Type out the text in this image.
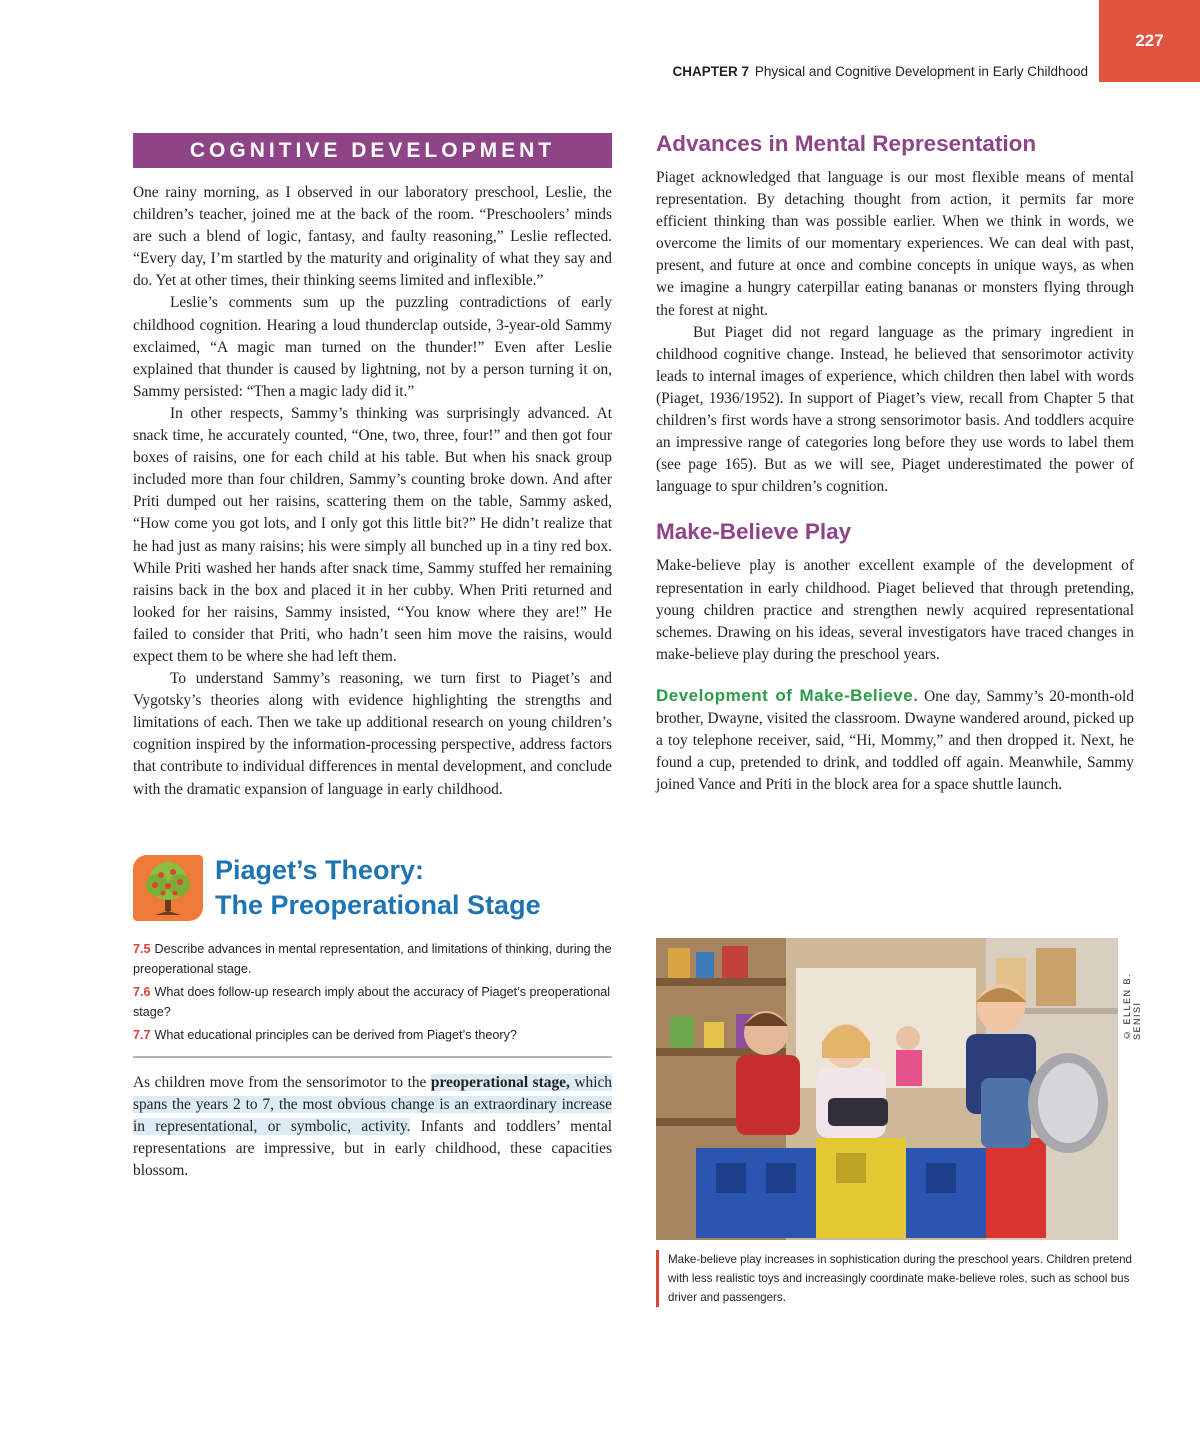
227
CHAPTER 7 Physical and Cognitive Development in Early Childhood
COGNITIVE DEVELOPMENT

One rainy morning, as I observed in our laboratory preschool, Leslie, the children’s teacher, joined me at the back of the room. “Preschoolers’ minds are such a blend of logic, fantasy, and faulty reasoning,” Leslie reflected. “Every day, I’m startled by the maturity and originality of what they say and do. Yet at other times, their thinking seems limited and inflexible.”

Leslie’s comments sum up the puzzling contradictions of early childhood cognition. Hearing a loud thunderclap outside, 3-year-old Sammy exclaimed, “A magic man turned on the thunder!” Even after Leslie explained that thunder is caused by lightning, not by a person turning it on, Sammy persisted: “Then a magic lady did it.”

In other respects, Sammy’s thinking was surprisingly advanced. At snack time, he accurately counted, “One, two, three, four!” and then got four boxes of raisins, one for each child at his table. But when his snack group included more than four children, Sammy’s counting broke down. And after Priti dumped out her raisins, scattering them on the table, Sammy asked, “How come you got lots, and I only got this little bit?” He didn’t realize that he had just as many raisins; his were simply all bunched up in a tiny red box. While Priti washed her hands after snack time, Sammy stuffed her remaining raisins back in the box and placed it in her cubby. When Priti returned and looked for her raisins, Sammy insisted, “You know where they are!” He failed to consider that Priti, who hadn’t seen him move the raisins, would expect them to be where she had left them.

To understand Sammy’s reasoning, we turn first to Piaget’s and Vygotsky’s theories along with evidence highlighting the strengths and limitations of each. Then we take up additional research on young children’s cognition inspired by the information-processing perspective, address factors that contribute to individual differences in mental development, and conclude with the dramatic expansion of language in early childhood.

Piaget’s Theory:
The Preoperational Stage
7.5 Describe advances in mental representation, and limitations of thinking, during the preoperational stage.
7.6 What does follow-up research imply about the accuracy of Piaget’s preoperational stage?
7.7 What educational principles can be derived from Piaget’s theory?

As children move from the sensorimotor to the preoperational stage, which spans the years 2 to 7, the most obvious change is an extraordinary increase in representational, or symbolic, activity. Infants and toddlers’ mental representations are impressive, but in early childhood, these capacities blossom.

Advances in Mental Representation

Piaget acknowledged that language is our most flexible means of mental representation. By detaching thought from action, it permits far more efficient thinking than was possible earlier. When we think in words, we overcome the limits of our momentary experiences. We can deal with past, present, and future at once and combine concepts in unique ways, as when we imagine a hungry caterpillar eating bananas or monsters flying through the forest at night.

But Piaget did not regard language as the primary ingredient in childhood cognitive change. Instead, he believed that sensorimotor activity leads to internal images of experience, which children then label with words (Piaget, 1936/1952). In support of Piaget’s view, recall from Chapter 5 that children’s first words have a strong sensorimotor basis. And toddlers acquire an impressive range of categories long before they use words to label them (see page 165). But as we will see, Piaget underestimated the power of language to spur children’s cognition.

Make-Believe Play

Make-believe play is another excellent example of the development of representation in early childhood. Piaget believed that through pretending, young children practice and strengthen newly acquired representational schemes. Drawing on his ideas, several investigators have traced changes in make-believe play during the preschool years.

Development of Make-Believe. One day, Sammy’s 20-month-old brother, Dwayne, visited the classroom. Dwayne wandered around, picked up a toy telephone receiver, said, “Hi, Mommy,” and then dropped it. Next, he found a cup, pretended to drink, and toddled off again. Meanwhile, Sammy joined Vance and Priti in the block area for a space shuttle launch.

© ELLEN B. SENISI
Make-believe play increases in sophistication during the preschool years. Children pretend with less realistic toys and increasingly coordinate make-believe roles, such as school bus driver and passengers.
